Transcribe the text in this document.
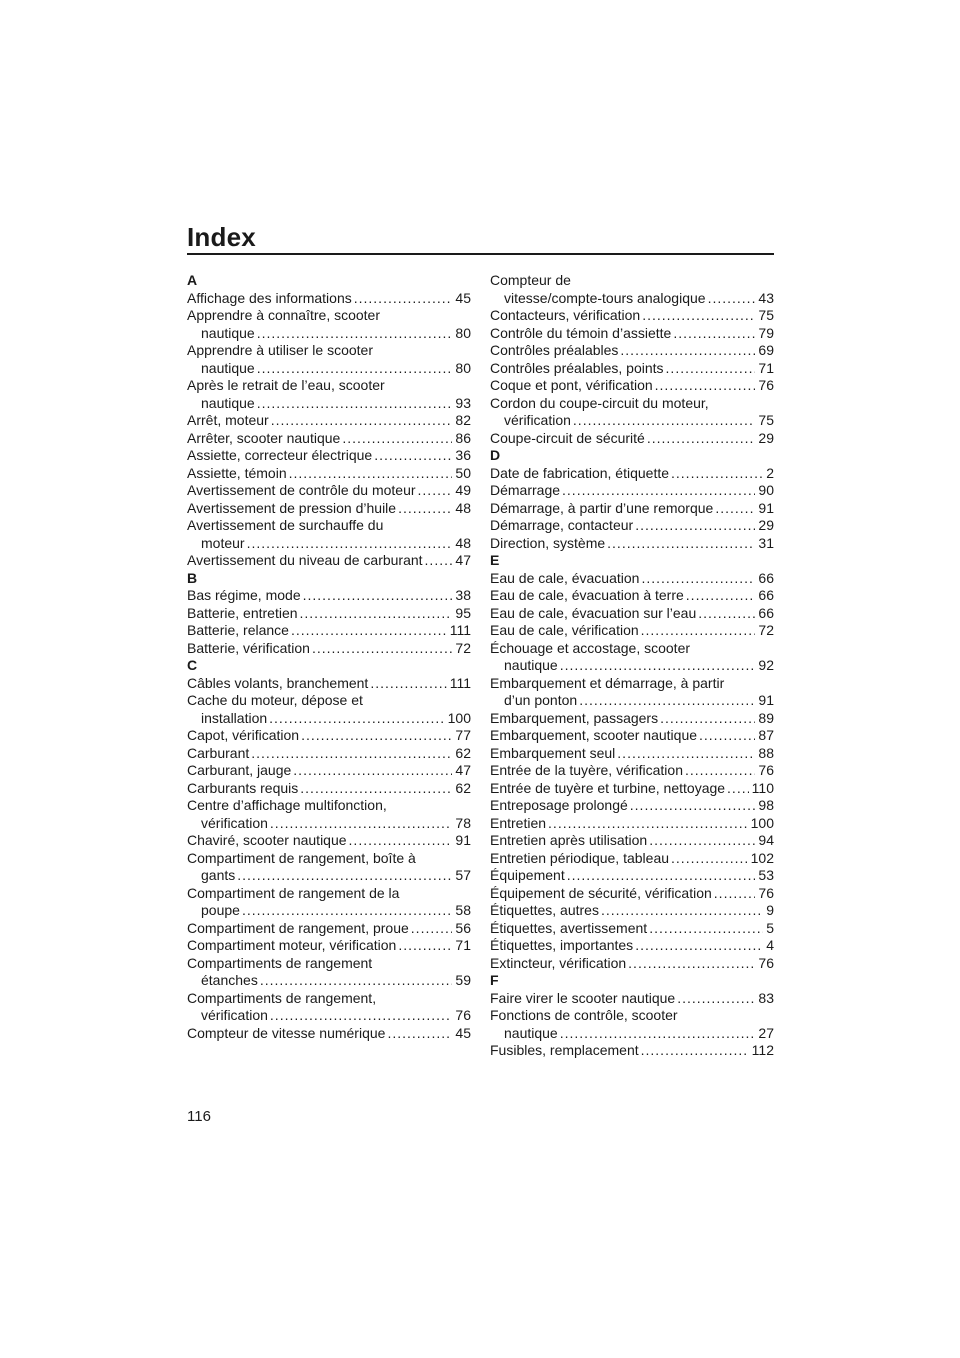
Index
A
Affichage des informations .....	45
Apprendre à connaître, scooter
nautique .....	80
Apprendre à utiliser le scooter
nautique .....	80
Après le retrait de l’eau, scooter
nautique .....	93
Arrêt, moteur .....	82
Arrêter, scooter nautique .....	86
Assiette, correcteur électrique .....	36
Assiette, témoin .....	50
Avertissement de contrôle du moteur .....	49
Avertissement de pression d’huile .....	48
Avertissement de surchauffe du
moteur .....	48
Avertissement du niveau de carburant ..... 47
B
Bas régime, mode .....	38
Batterie, entretien .....	95
Batterie, relance .....	111
Batterie, vérification .....	72
C
Câbles volants, branchement .....	111
Cache du moteur, dépose et
installation .....	100
Capot, vérification .....	77
Carburant .....	62
Carburant, jauge .....	47
Carburants requis .....	62
Centre d’affichage multifonction,
vérification .....	78
Chaviré, scooter nautique .....	91
Compartiment de rangement, boîte à
gants .....	57
Compartiment de rangement de la
poupe .....	58
Compartiment de rangement, proue .....	56
Compartiment moteur, vérification .....	71
Compartiments de rangement
étanches .....	59
Compartiments de rangement,
vérification .....	76
Compteur de vitesse numérique .....	45
Compteur de
vitesse/compte-tours analogique .....	43
Contacteurs, vérification .....	75
Contrôle du témoin d’assiette .....	79
Contrôles préalables .....	69
Contrôles préalables, points .....	71
Coque et pont, vérification .....	76
Cordon du coupe-circuit du moteur,
vérification .....	75
Coupe-circuit de sécurité .....	29
D
Date de fabrication, étiquette .....	2
Démarrage .....	90
Démarrage, à partir d’une remorque .....	91
Démarrage, contacteur .....	29
Direction, système .....	31
E
Eau de cale, évacuation .....	66
Eau de cale, évacuation à terre .....	66
Eau de cale, évacuation sur l’eau .....	66
Eau de cale, vérification .....	72
Échouage et accostage, scooter
nautique .....	92
Embarquement et démarrage, à partir
d’un ponton .....	91
Embarquement, passagers .....	89
Embarquement, scooter nautique .....	87
Embarquement seul .....	88
Entrée de la tuyère, vérification .....	76
Entrée de tuyère et turbine, nettoyage ..... 110
Entreposage prolongé .....	98
Entretien .....	100
Entretien après utilisation .....	94
Entretien périodique, tableau .....	102
Équipement .....	53
Équipement de sécurité, vérification .....	76
Étiquettes, autres .....	9
Étiquettes, avertissement .....	5
Étiquettes, importantes .....	4
Extincteur, vérification .....	76
F
Faire virer le scooter nautique .....	83
Fonctions de contrôle, scooter
nautique .....	27
Fusibles, remplacement .....	112
116
